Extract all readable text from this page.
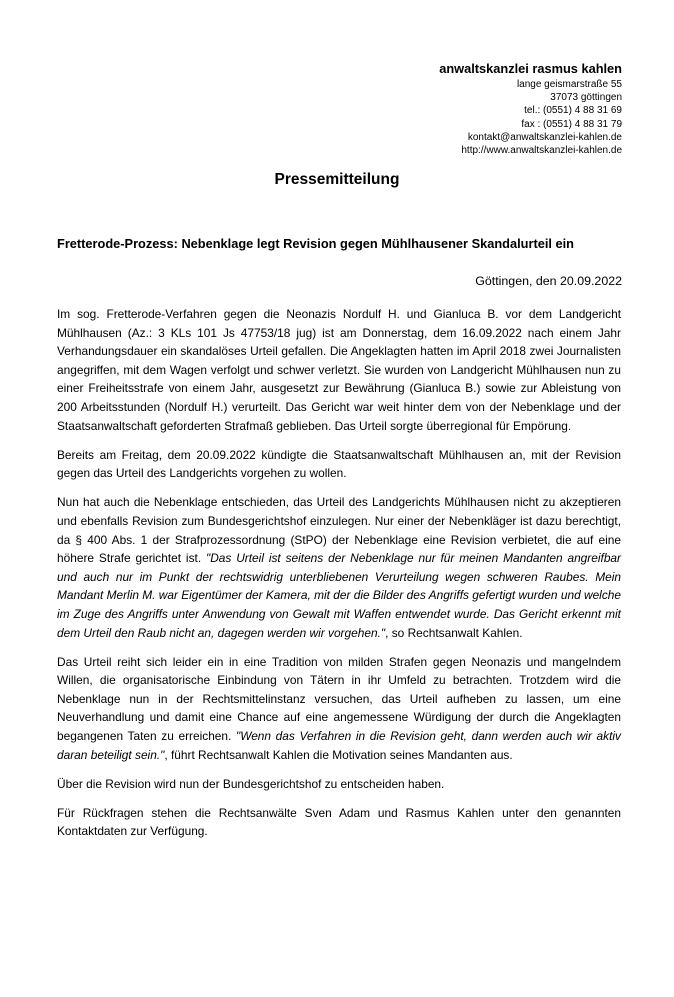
anwaltskanzlei rasmus kahlen
lange geismarstraße 55
37073 göttingen
tel.: (0551) 4 88 31 69
fax : (0551) 4 88 31 79
kontakt@anwaltskanzlei-kahlen.de
http://www.anwaltskanzlei-kahlen.de
Pressemitteilung
Fretterode-Prozess: Nebenklage legt Revision gegen Mühlhausener Skandalurteil ein
Göttingen, den 20.09.2022

Im sog. Fretterode-Verfahren gegen die Neonazis Nordulf H. und Gianluca B. vor dem Landgericht Mühlhausen (Az.: 3 KLs 101 Js 47753/18 jug) ist am Donnerstag, dem 16.09.2022 nach einem Jahr Verhandungsdauer ein skandalöses Urteil gefallen. Die Angeklagten hatten im April 2018 zwei Journalisten angegriffen, mit dem Wagen verfolgt und schwer verletzt. Sie wurden von Landgericht Mühlhausen nun zu einer Freiheitsstrafe von einem Jahr, ausgesetzt zur Bewährung (Gianluca B.) sowie zur Ableistung von 200 Arbeitsstunden (Nordulf H.) verurteilt. Das Gericht war weit hinter dem von der Nebenklage und der Staatsanwaltschaft geforderten Strafmaß geblieben. Das Urteil sorgte überregional für Empörung.

Bereits am Freitag, dem 20.09.2022 kündigte die Staatsanwaltschaft Mühlhausen an, mit der Revision gegen das Urteil des Landgerichts vorgehen zu wollen.

Nun hat auch die Nebenklage entschieden, das Urteil des Landgerichts Mühlhausen nicht zu akzeptieren und ebenfalls Revision zum Bundesgerichtshof einzulegen. Nur einer der Nebenkläger ist dazu berechtigt, da § 400 Abs. 1 der Strafprozessordnung (StPO) der Nebenklage eine Revision verbietet, die auf eine höhere Strafe gerichtet ist. "Das Urteil ist seitens der Nebenklage nur für meinen Mandanten angreifbar und auch nur im Punkt der rechtswidrig unterbliebenen Verurteilung wegen schweren Raubes. Mein Mandant Merlin M. war Eigentümer der Kamera, mit der die Bilder des Angriffs gefertigt wurden und welche im Zuge des Angriffs unter Anwendung von Gewalt mit Waffen entwendet wurde. Das Gericht erkennt mit dem Urteil den Raub nicht an, dagegen werden wir vorgehen.", so Rechtsanwalt Kahlen.

Das Urteil reiht sich leider ein in eine Tradition von milden Strafen gegen Neonazis und mangelndem Willen, die organisatorische Einbindung von Tätern in ihr Umfeld zu betrachten. Trotzdem wird die Nebenklage nun in der Rechtsmittelinstanz versuchen, das Urteil aufheben zu lassen, um eine Neuverhandlung und damit eine Chance auf eine angemessene Würdigung der durch die Angeklagten begangenen Taten zu erreichen. "Wenn das Verfahren in die Revision geht, dann werden auch wir aktiv daran beteiligt sein.", führt Rechtsanwalt Kahlen die Motivation seines Mandanten aus.

Über die Revision wird nun der Bundesgerichtshof zu entscheiden haben.

Für Rückfragen stehen die Rechtsanwälte Sven Adam und Rasmus Kahlen unter den genannten Kontaktdaten zur Verfügung.
